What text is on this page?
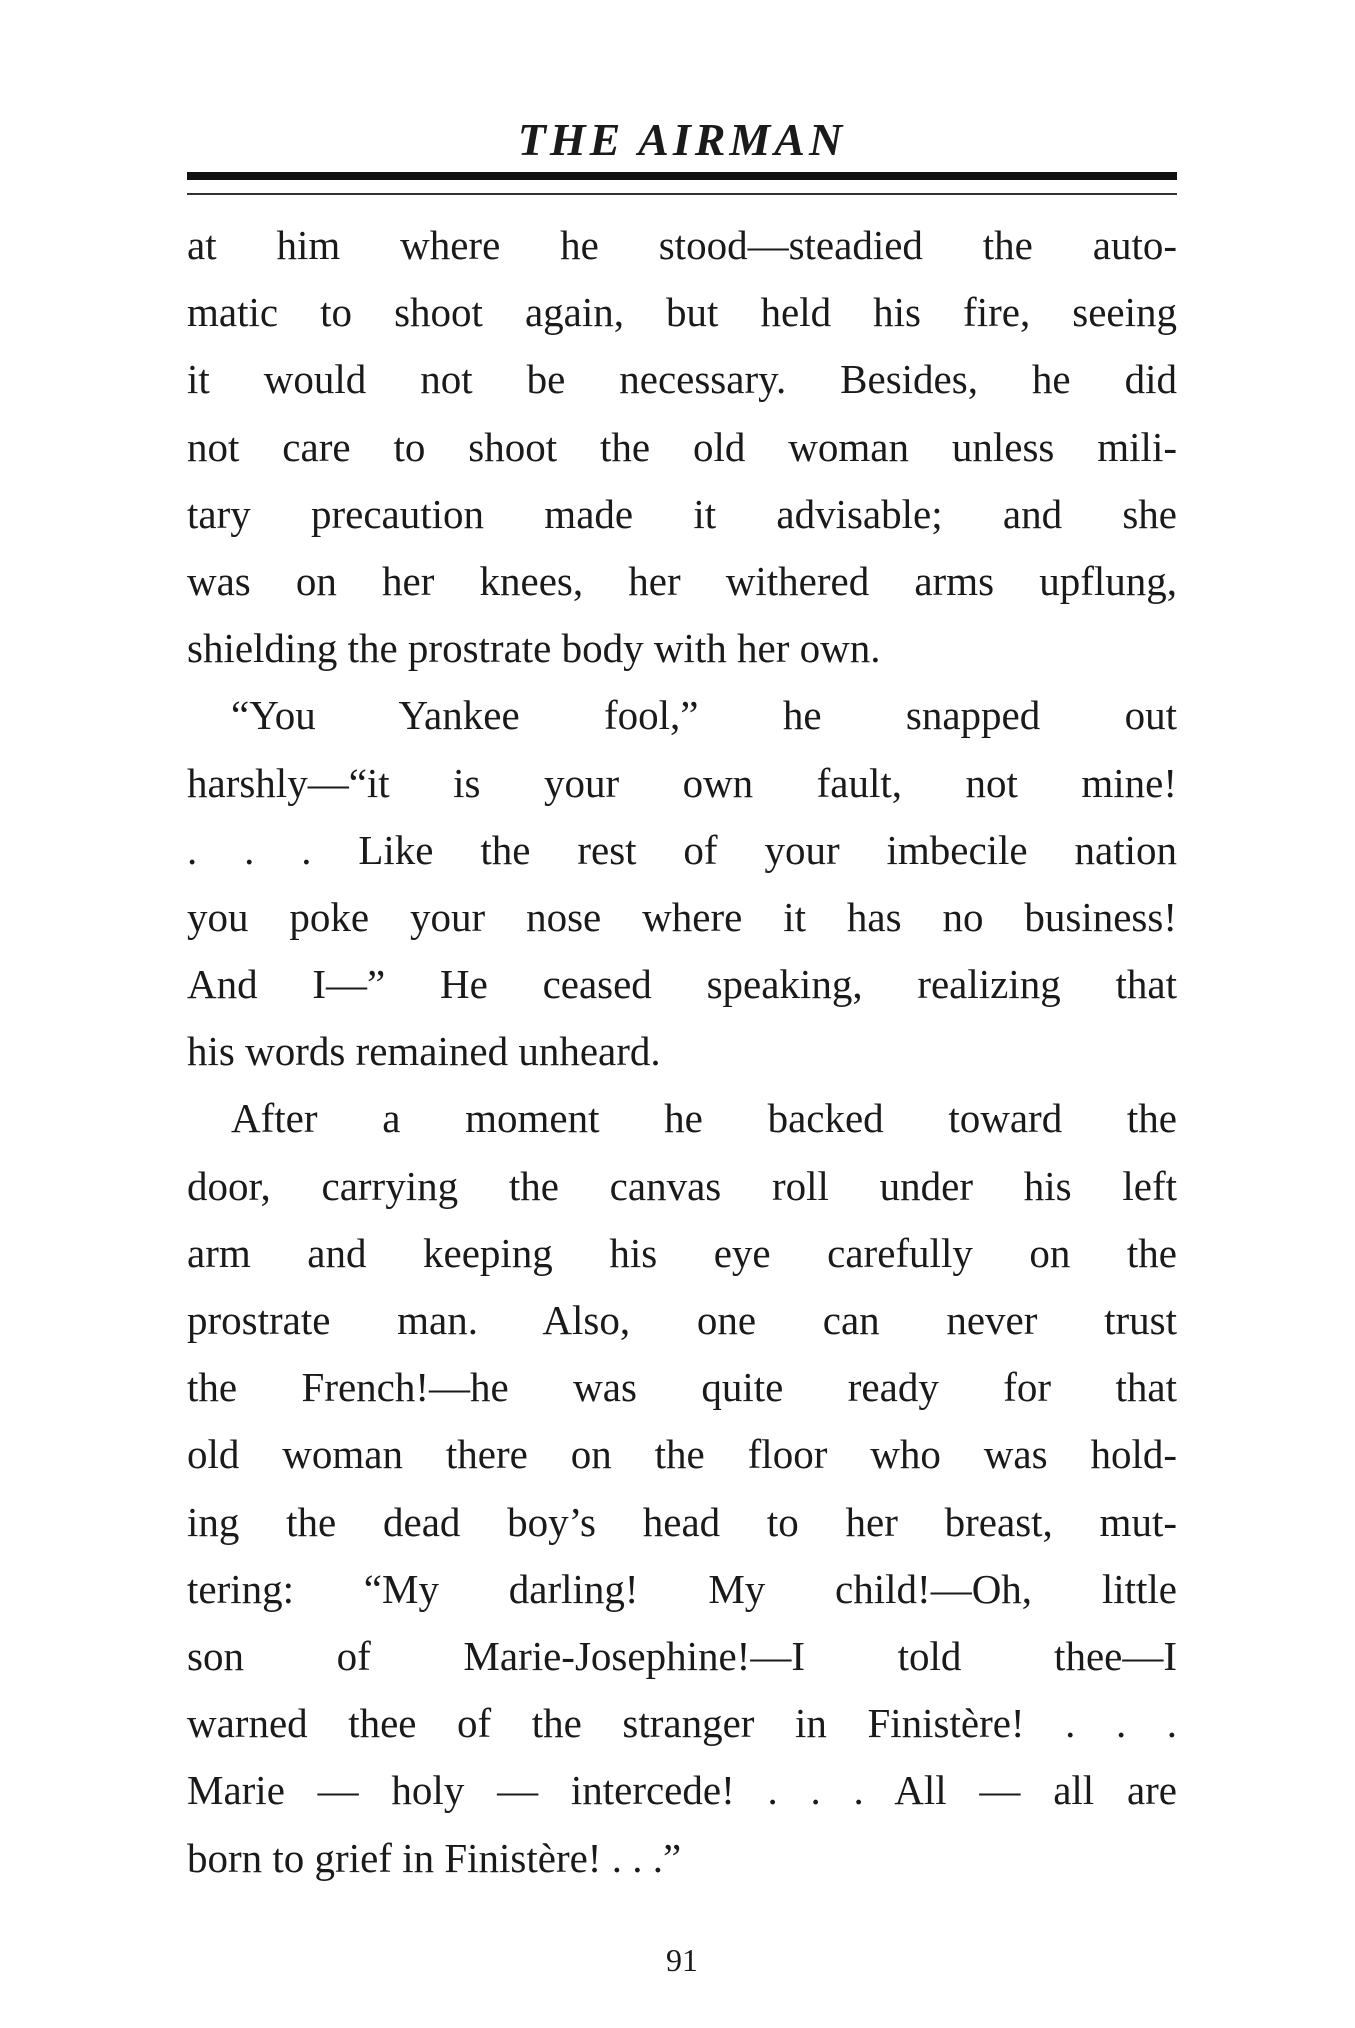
THE AIRMAN
at him where he stood—steadied the auto-
matic to shoot again, but held his fire, seeing
it would not be necessary. Besides, he did
not care to shoot the old woman unless mili-
tary precaution made it advisable; and she
was on her knees, her withered arms upflung,
shielding the prostrate body with her own.
“You Yankee fool,” he snapped out
harshly—“it is your own fault, not mine!
. . . Like the rest of your imbecile nation
you poke your nose where it has no business!
And I—” He ceased speaking, realizing that
his words remained unheard.
After a moment he backed toward the
door, carrying the canvas roll under his left
arm and keeping his eye carefully on the
prostrate man. Also, one can never trust
the French!—he was quite ready for that
old woman there on the floor who was hold-
ing the dead boy’s head to her breast, mut-
tering: “My darling! My child!—Oh, little
son of Marie-Josephine!—I told thee—I
warned thee of the stranger in Finistère! . . .
Marie — holy — intercede! . . . All — all are
born to grief in Finistère! . . .”
91
